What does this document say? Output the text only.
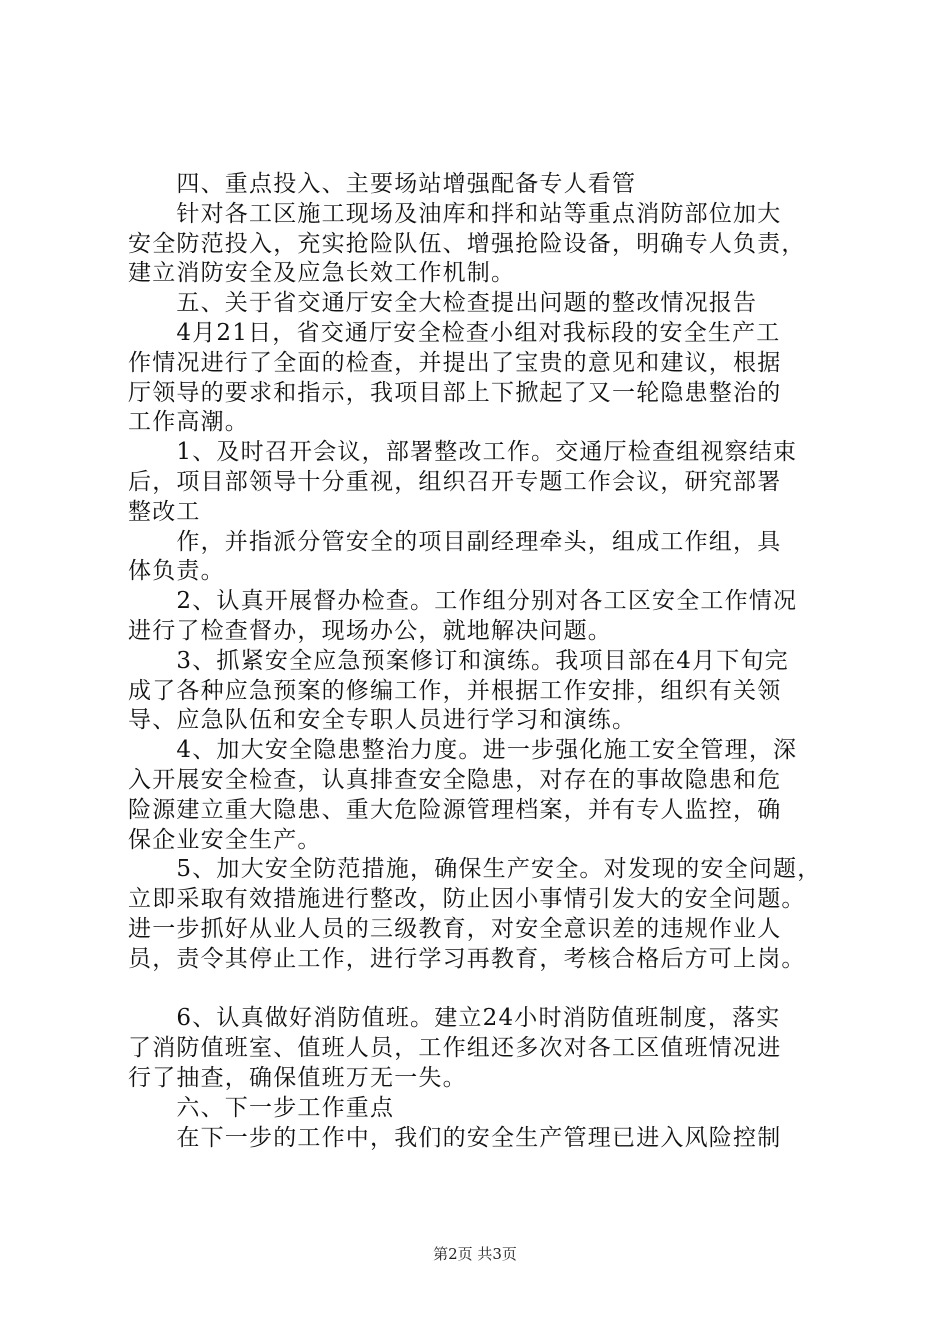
　　四、重点投入、主要场站增强配备专人看管
　　针对各工区施工现场及油库和拌和站等重点消防部位加大
安全防范投入，充实抢险队伍、增强抢险设备，明确专人负责，
建立消防安全及应急长效工作机制。
　　五、关于省交通厅安全大检查提出问题的整改情况报告
　　4月21日，省交通厅安全检查小组对我标段的安全生产工
作情况进行了全面的检查，并提出了宝贵的意见和建议，根据
厅领导的要求和指示，我项目部上下掀起了又一轮隐患整治的
工作高潮。
　　1、及时召开会议，部署整改工作。交通厅检查组视察结束
后，项目部领导十分重视，组织召开专题工作会议，研究部署
整改工
　　作，并指派分管安全的项目副经理牵头，组成工作组，具
体负责。
　　2、认真开展督办检查。工作组分别对各工区安全工作情况
进行了检查督办，现场办公，就地解决问题。
　　3、抓紧安全应急预案修订和演练。我项目部在4月下旬完
成了各种应急预案的修编工作，并根据工作安排，组织有关领
导、应急队伍和安全专职人员进行学习和演练。
　　4、加大安全隐患整治力度。进一步强化施工安全管理，深
入开展安全检查，认真排查安全隐患，对存在的事故隐患和危
险源建立重大隐患、重大危险源管理档案，并有专人监控，确
保企业安全生产。
　　5、加大安全防范措施，确保生产安全。对发现的安全问题，
立即采取有效措施进行整改，防止因小事情引发大的安全问题。
进一步抓好从业人员的三级教育，对安全意识差的违规作业人
员，责令其停止工作，进行学习再教育，考核合格后方可上岗。
　　6、认真做好消防值班。建立24小时消防值班制度，落实
了消防值班室、值班人员，工作组还多次对各工区值班情况进
行了抽查，确保值班万无一失。
　　六、下一步工作重点
　　在下一步的工作中，我们的安全生产管理已进入风险控制
第2页 共3页
